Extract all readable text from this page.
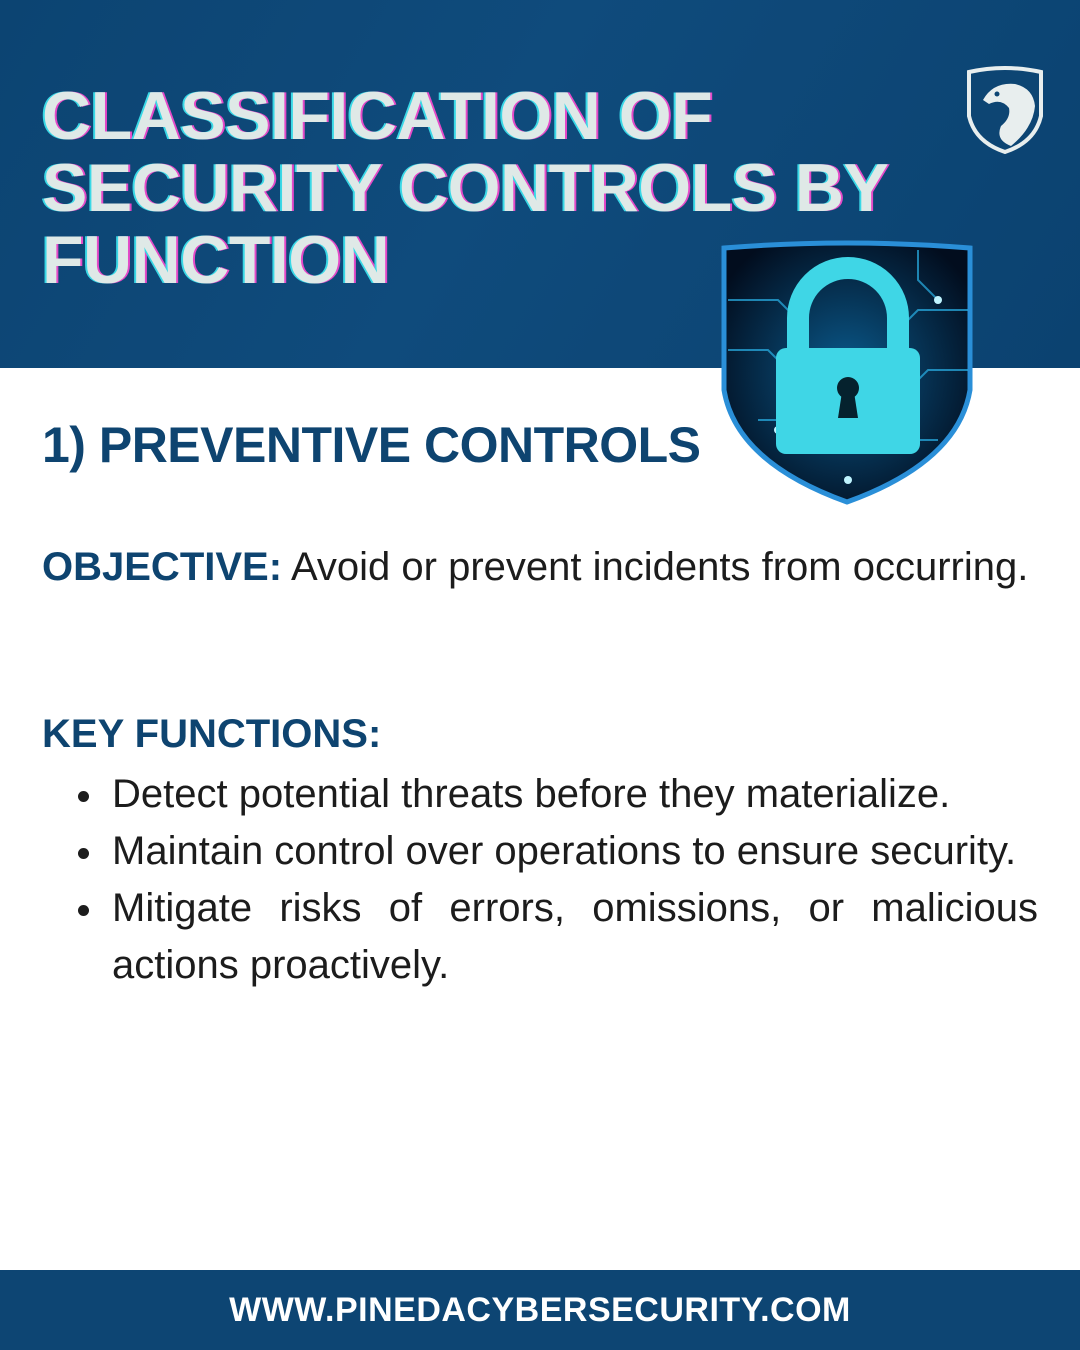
CLASSIFICATION OF SECURITY CONTROLS BY FUNCTION
1) PREVENTIVE CONTROLS

OBJECTIVE: Avoid or prevent incidents from occurring.

KEY FUNCTIONS:
Detect potential threats before they materialize.
Maintain control over operations to ensure security.
Mitigate risks of errors, omissions, or malicious actions proactively.
WWW.PINEDACYBERSECURITY.COM
